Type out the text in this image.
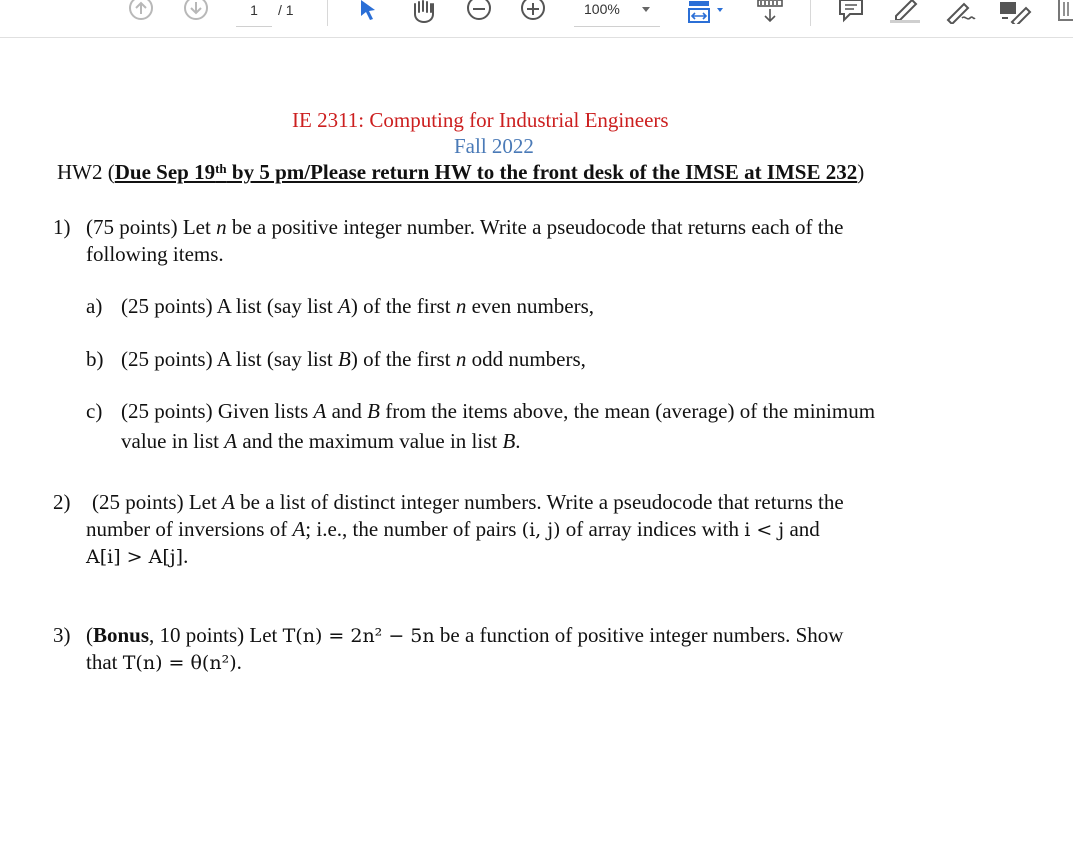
1	/ 1	100%
IE 2311: Computing for Industrial Engineers
Fall 2022
HW2 (Due Sep 19th by 5 pm/Please return HW to the front desk of the IMSE at IMSE 232)
1) (75 points) Let n be a positive integer number. Write a pseudocode that returns each of the
following items.
a) (25 points) A list (say list A) of the first n even numbers,
b) (25 points) A list (say list B) of the first n odd numbers,
c) (25 points) Given lists A and B from the items above, the mean (average) of the minimum
value in list A and the maximum value in list B.
2) (25 points) Let A be a list of distinct integer numbers. Write a pseudocode that returns the
number of inversions of A; i.e., the number of pairs (i, j) of array indices with i < j and
A[i] > A[j].
3) (Bonus, 10 points) Let T(n) = 2n² − 5n be a function of positive integer numbers. Show
that T(n) = θ(n²).
